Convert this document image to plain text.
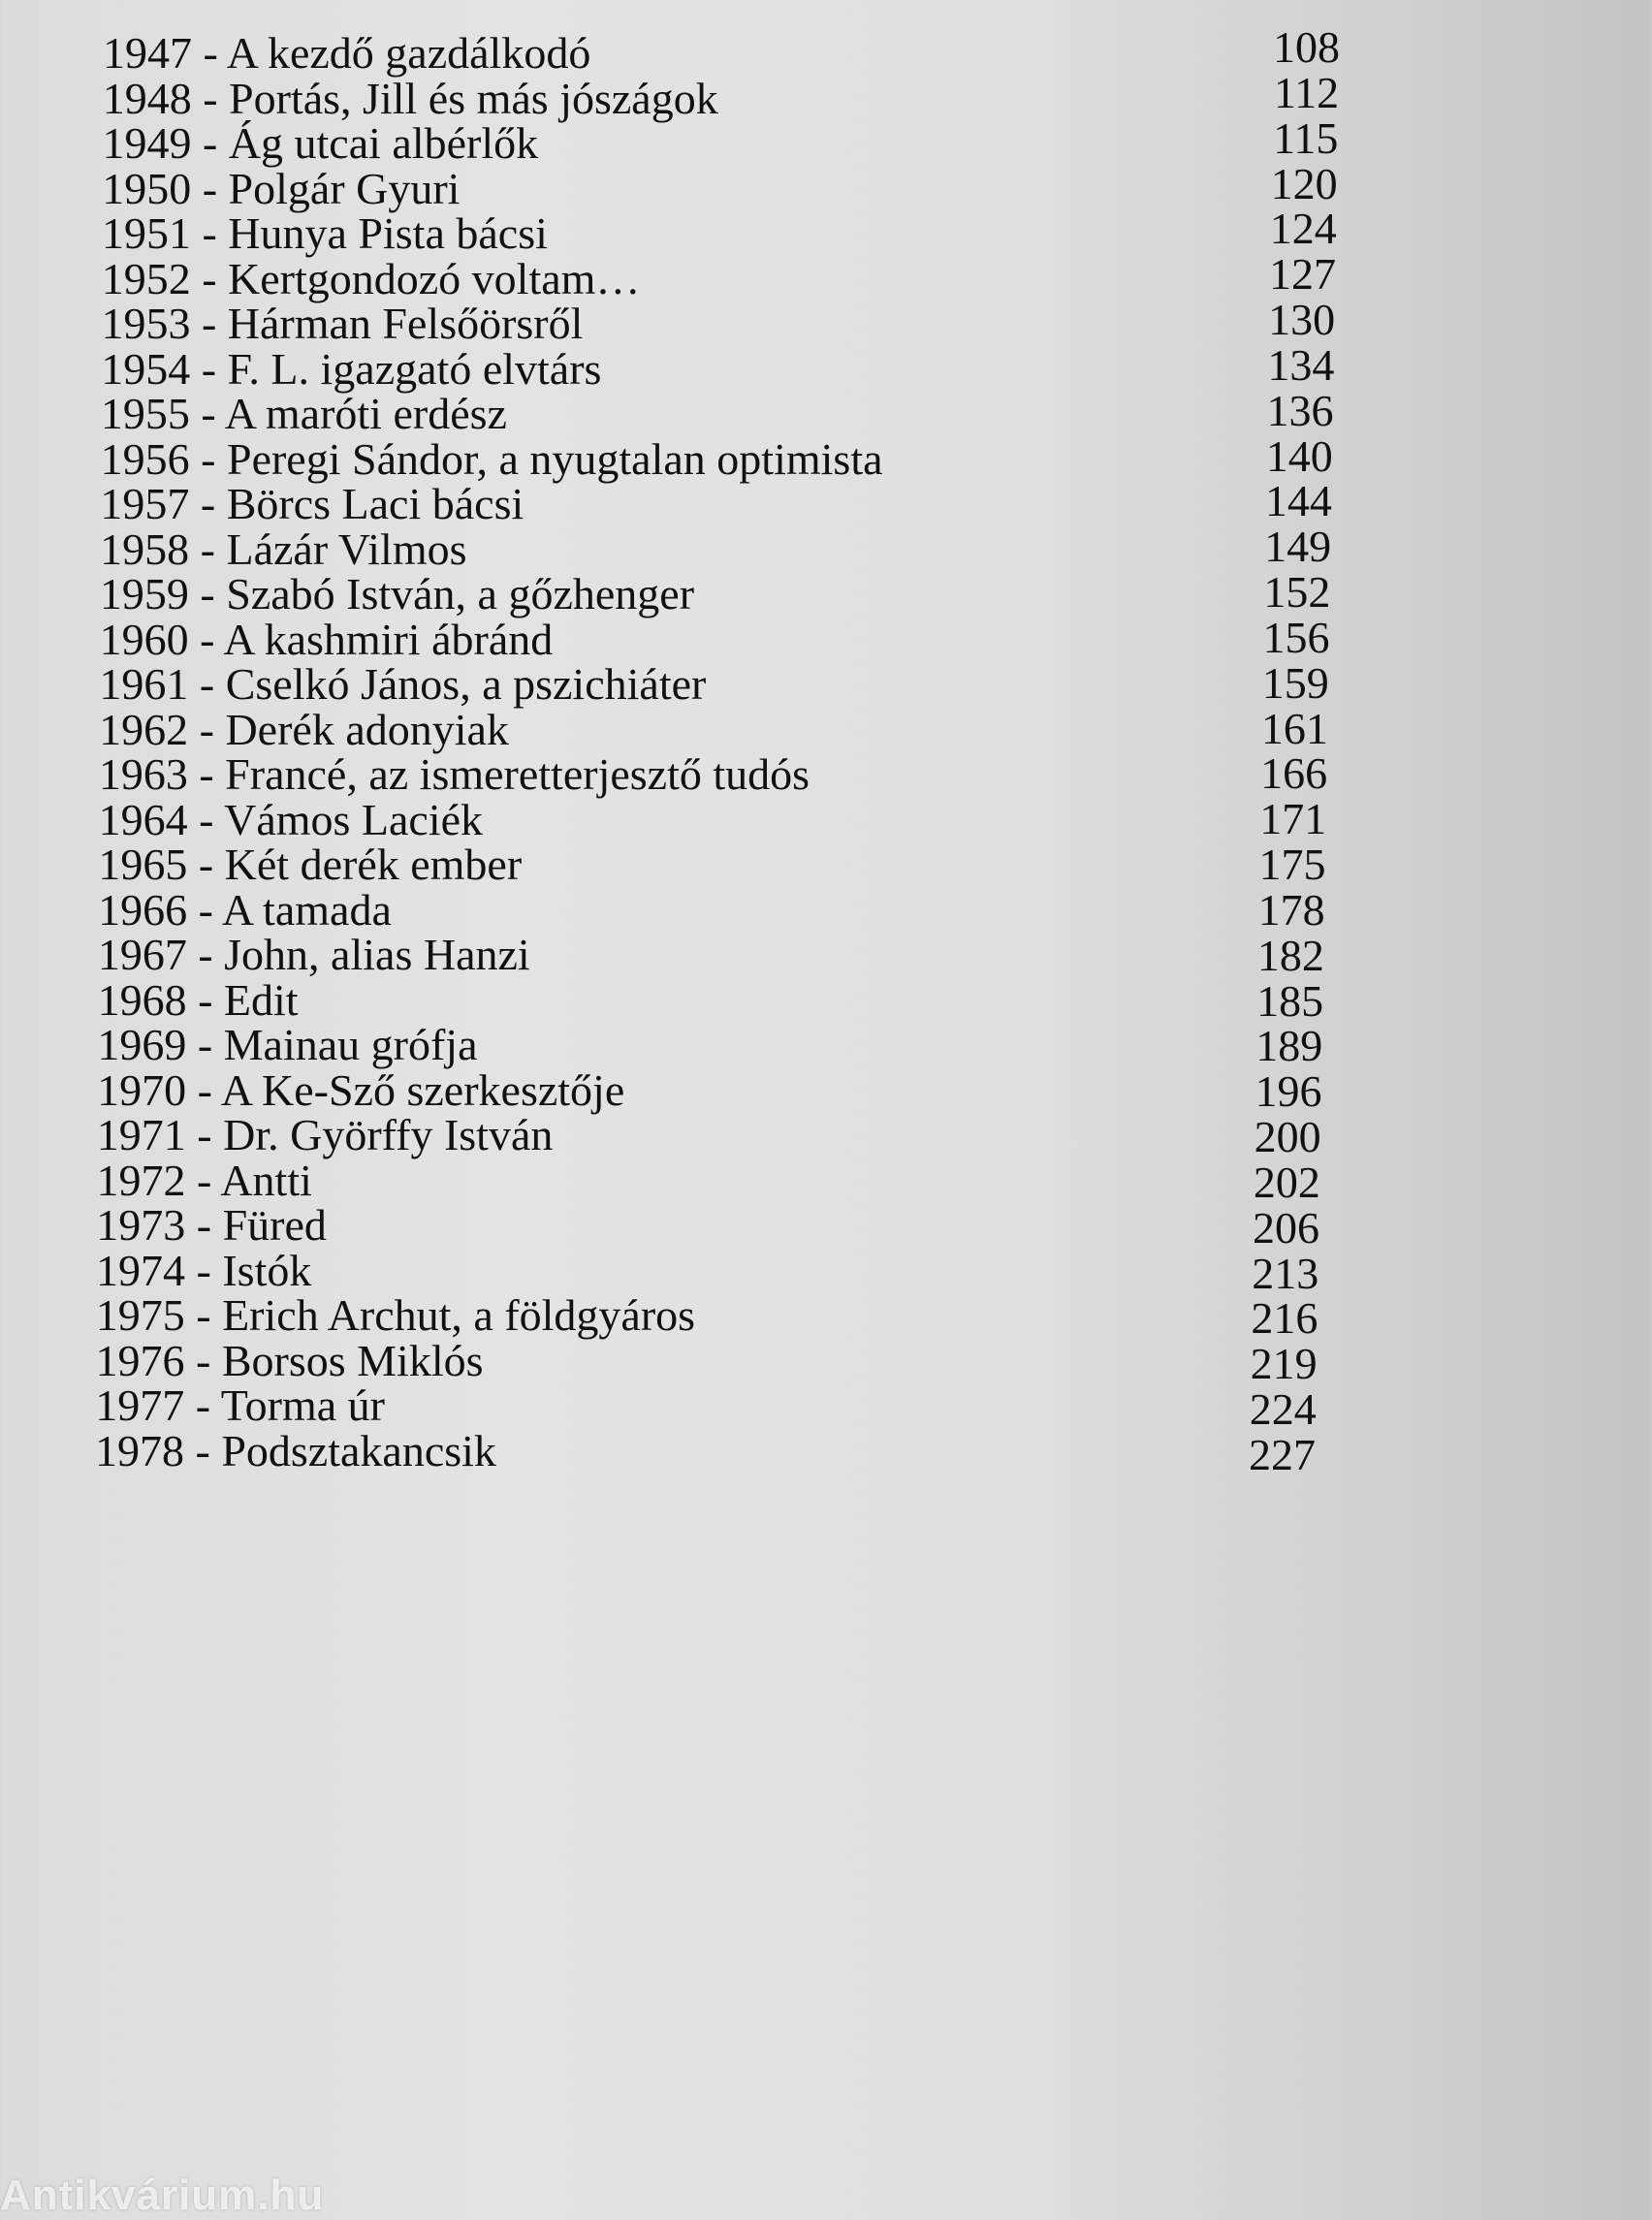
1947 - A kezdő gazdálkodó	108
1948 - Portás, Jill és más jószágok	112
1949 - Ág utcai albérlők	115
1950 - Polgár Gyuri	120
1951 - Hunya Pista bácsi	124
1952 - Kertgondozó voltam…	127
1953 - Hárman Felsőörsről	130
1954 - F. L. igazgató elvtárs	134
1955 - A maróti erdész	136
1956 - Peregi Sándor, a nyugtalan optimista	140
1957 - Börcs Laci bácsi	144
1958 - Lázár Vilmos	149
1959 - Szabó István, a gőzhenger	152
1960 - A kashmiri ábránd	156
1961 - Cselkó János, a pszichiáter	159
1962 - Derék adonyiak	161
1963 - Francé, az ismeretterjesztő tudós	166
1964 - Vámos Laciék	171
1965 - Két derék ember	175
1966 - A tamada	178
1967 - John, alias Hanzi	182
1968 - Edit	185
1969 - Mainau grófja	189
1970 - A Ke-Sző szerkesztője	196
1971 - Dr. Györffy István	200
1972 - Antti	202
1973 - Füred	206
1974 - Istók	213
1975 - Erich Archut, a földgyáros	216
1976 - Borsos Miklós	219
1977 - Torma úr	224
1978 - Podsztakancsik	227
Antikvárium.hu
